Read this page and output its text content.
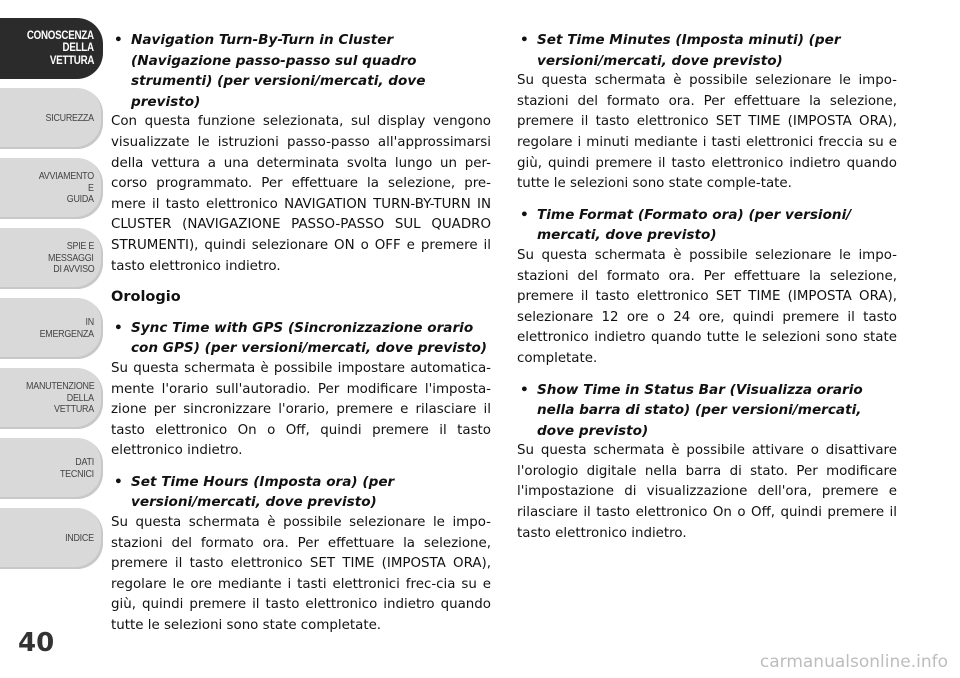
CONOSCENZA
DELLA
VETTURA
SICUREZZA
AVVIAMENTO
E
GUIDA
SPIE E
MESSAGGI
DI AVVISO
IN
EMERGENZA
MANUTENZIONE
DELLA
VETTURA
DATI
TECNICI
INDICE
40

• Navigation Turn-By-Turn in Cluster (Navigazione passo-passo sul quadro strumenti) (per versioni/mercati, dove previsto)

Con questa funzione selezionata, sul display vengono visualizzate le istruzioni passo-passo all'approssimarsi della vettura a una determinata svolta lungo un per-corso programmato. Per effettuare la selezione, pre-mere il tasto elettronico NAVIGATION TURN-BY-TURN IN CLUSTER (NAVIGAZIONE PASSO-PASSO SUL QUADRO STRUMENTI), quindi selezionare ON o OFF e premere il tasto elettronico indietro.

Orologio

• Sync Time with GPS (Sincronizzazione orario con GPS) (per versioni/mercati, dove previsto)

Su questa schermata è possibile impostare automatica-mente l'orario sull'autoradio. Per modificare l'imposta-zione per sincronizzare l'orario, premere e rilasciare il tasto elettronico On o Off, quindi premere il tasto elettronico indietro.

• Set Time Hours (Imposta ora) (per versioni/mercati, dove previsto)

Su questa schermata è possibile selezionare le impo-stazioni del formato ora. Per effettuare la selezione, premere il tasto elettronico SET TIME (IMPOSTA ORA), regolare le ore mediante i tasti elettronici frec-cia su e giù, quindi premere il tasto elettronico indietro quando tutte le selezioni sono state completate.

• Set Time Minutes (Imposta minuti) (per versioni/mercati, dove previsto)

Su questa schermata è possibile selezionare le impo-stazioni del formato ora. Per effettuare la selezione, premere il tasto elettronico SET TIME (IMPOSTA ORA), regolare i minuti mediante i tasti elettronici freccia su e giù, quindi premere il tasto elettronico indietro quando tutte le selezioni sono state comple-tate.

• Time Format (Formato ora) (per versioni/ mercati, dove previsto)

Su questa schermata è possibile selezionare le impo-stazioni del formato ora. Per effettuare la selezione, premere il tasto elettronico SET TIME (IMPOSTA ORA), selezionare 12 ore o 24 ore, quindi premere il tasto elettronico indietro quando tutte le selezioni sono state completate.

• Show Time in Status Bar (Visualizza orario nella barra di stato) (per versioni/mercati, dove previsto)

Su questa schermata è possibile attivare o disattivare l'orologio digitale nella barra di stato. Per modificare l'impostazione di visualizzazione dell'ora, premere e rilasciare il tasto elettronico On o Off, quindi premere il tasto elettronico indietro.

carmanualsonline.info
